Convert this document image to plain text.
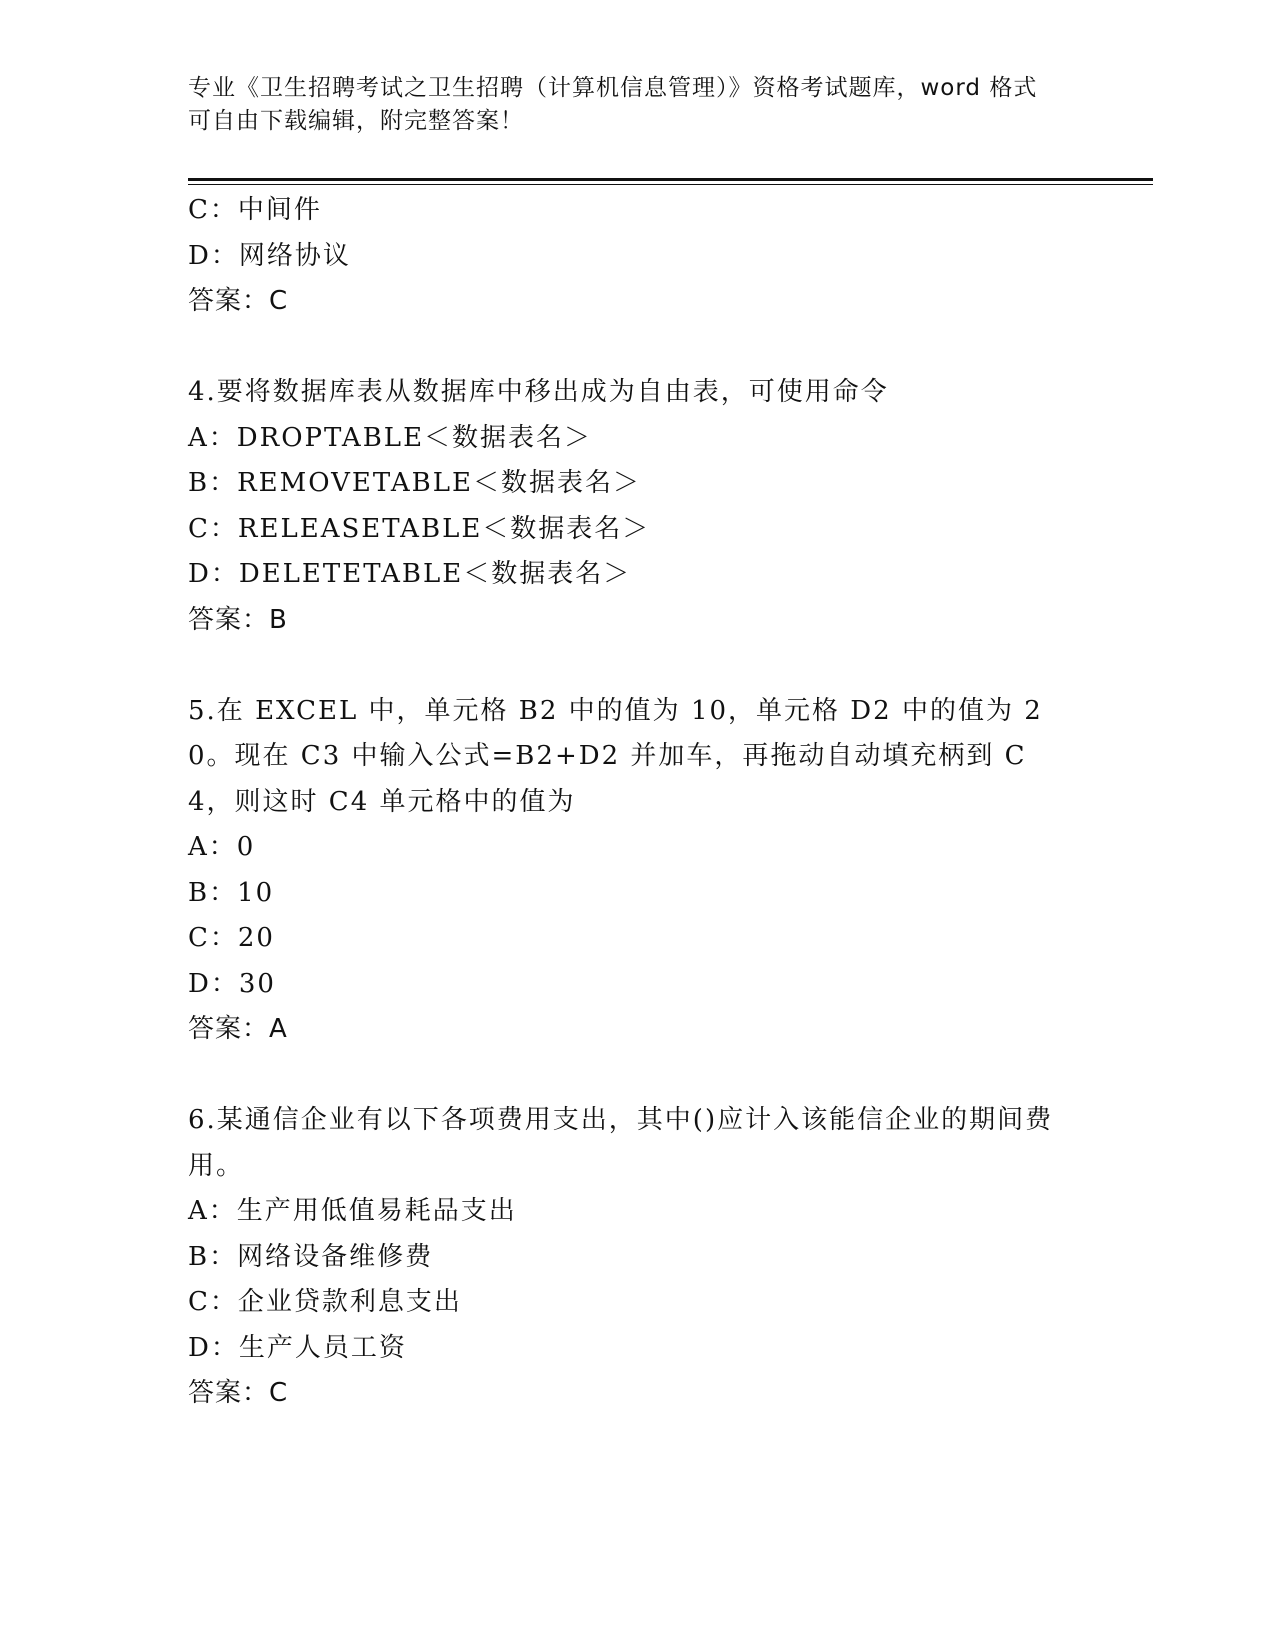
专业《卫生招聘考试之卫生招聘（计算机信息管理）》资格考试题库，word 格式
可自由下载编辑，附完整答案！
C：中间件
D：网络协议
答案：C
4.要将数据库表从数据库中移出成为自由表，可使用命令
A：DROPTABLE＜数据表名＞
B：REMOVETABLE＜数据表名＞
C：RELEASETABLE＜数据表名＞
D：DELETETABLE＜数据表名＞
答案：B
5.在 EXCEL 中，单元格 B2 中的值为 10，单元格 D2 中的值为 20。现在 C3 中输入公式=B2+D2 并加车，再拖动自动填充柄到 C4，则这时 C4 单元格中的值为
A：0
B：10
C：20
D：30
答案：A
6.某通信企业有以下各项费用支出，其中()应计入该能信企业的期间费用。
A：生产用低值易耗品支出
B：网络设备维修费
C：企业贷款利息支出
D：生产人员工资
答案：C
